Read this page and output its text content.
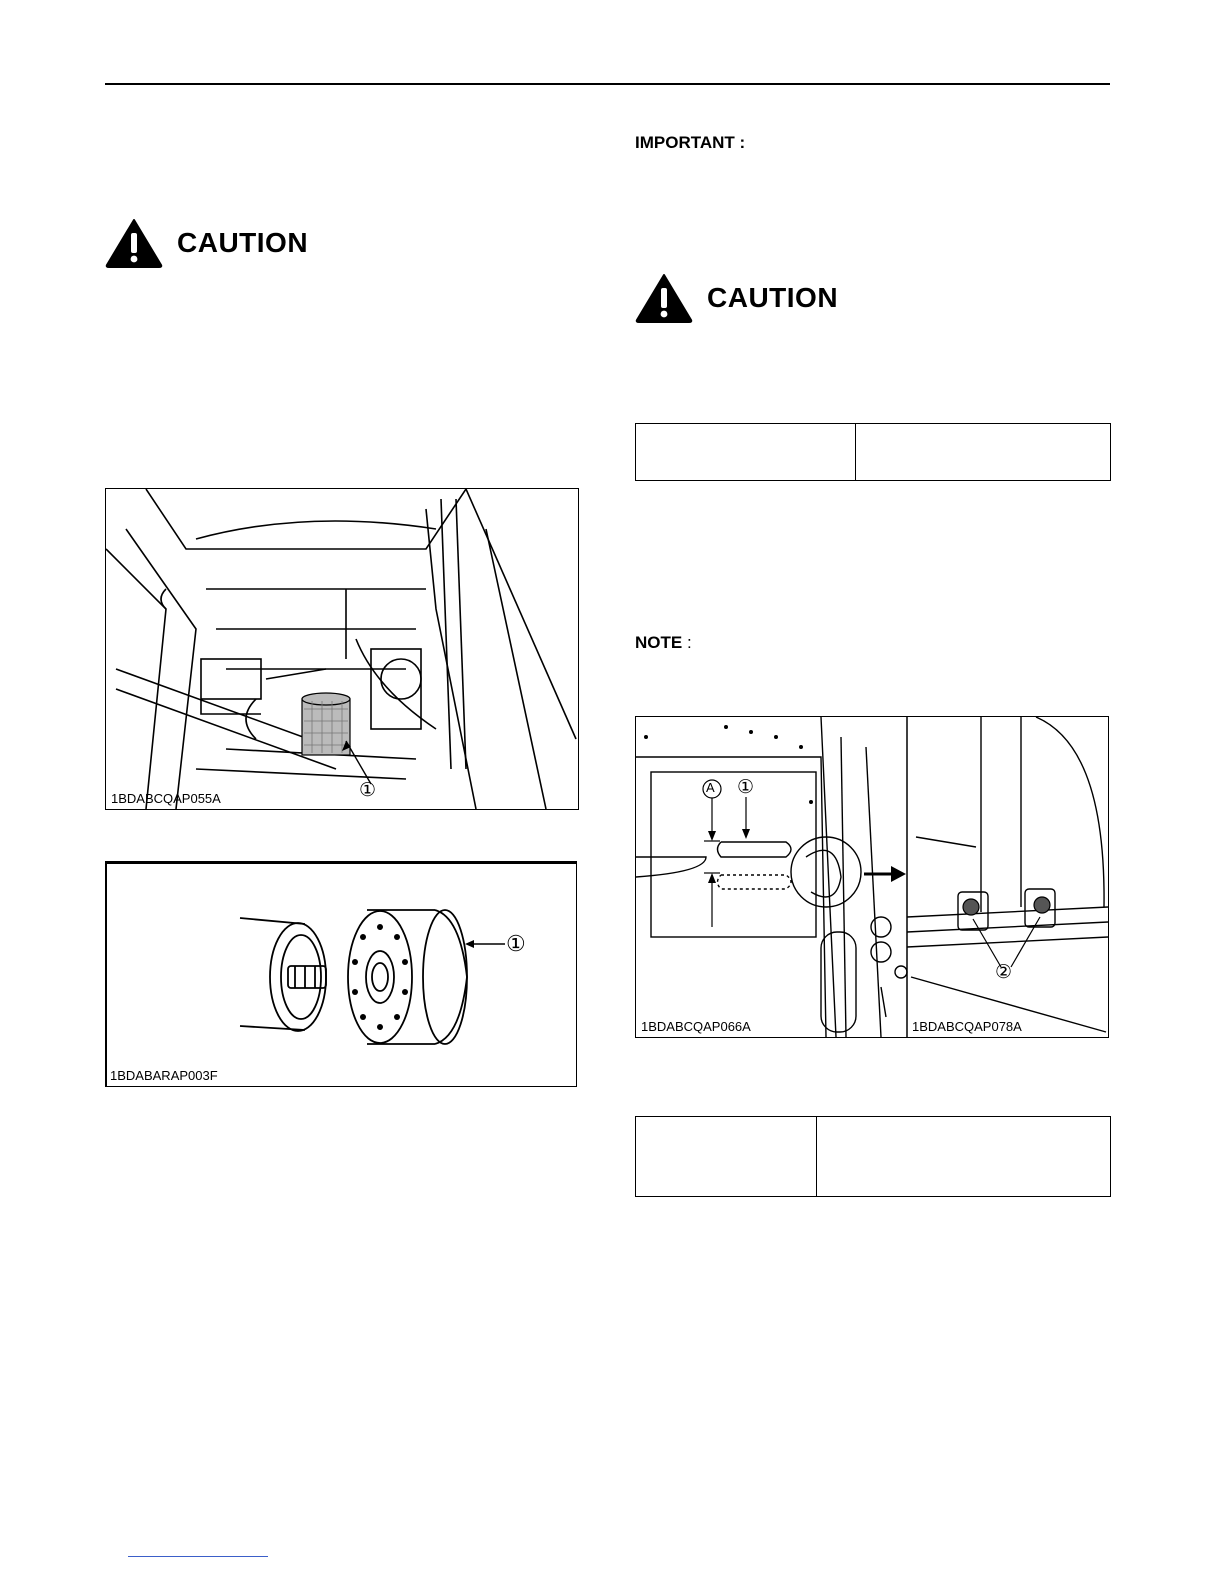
CAUTION
1BDABCQAP055A	①
①
1BDABARAP003F
IMPORTANT :
CAUTION
NOTE :
A ①
②
1BDABCQAP066A	1BDABCQAP078A
